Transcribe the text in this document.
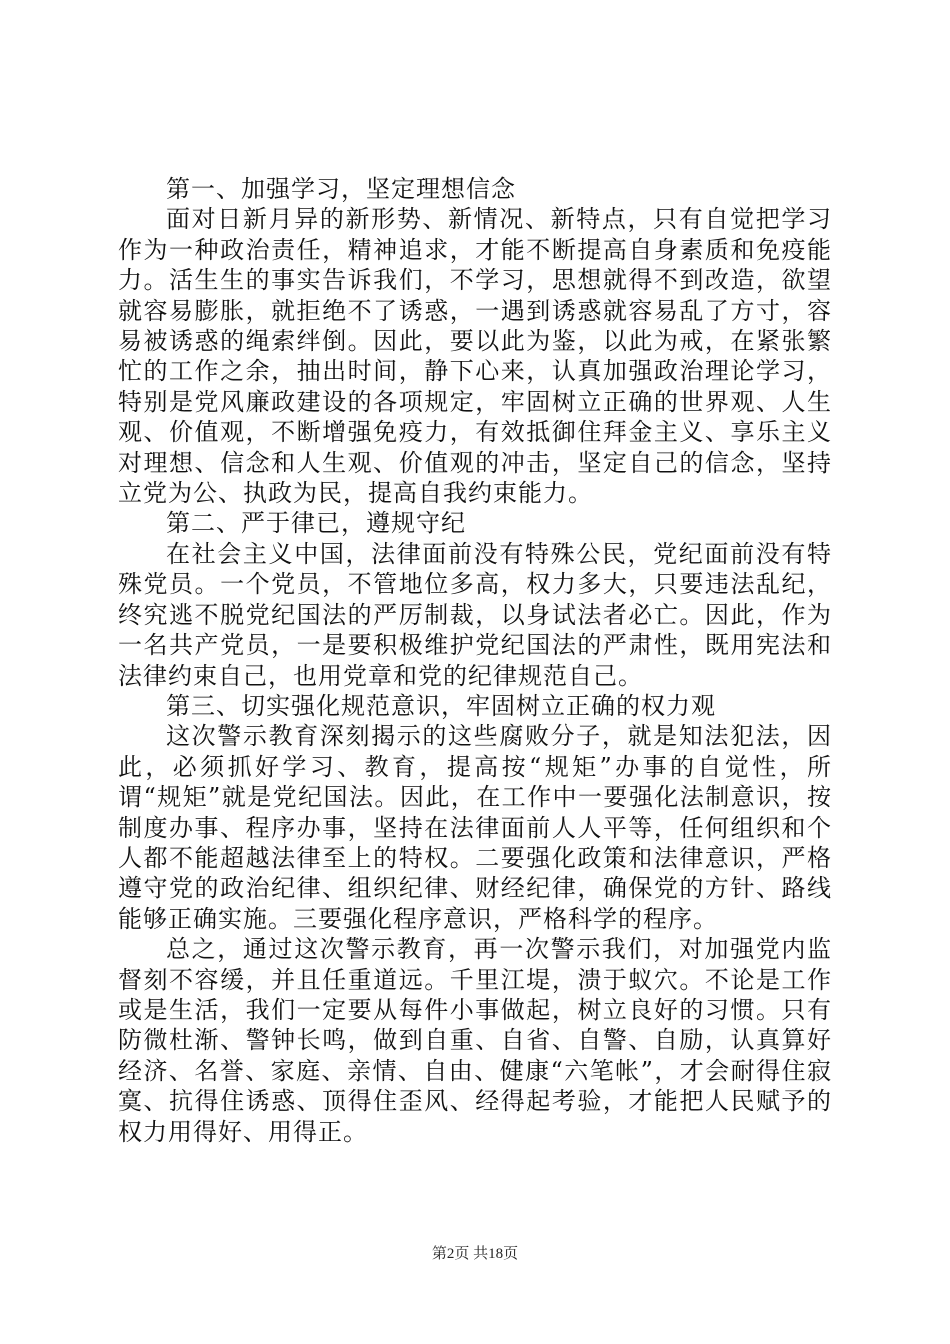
第一、加强学习，坚定理想信念

面对日新月异的新形势、新情况、新特点，只有自觉把学习作为一种政治责任，精神追求，才能不断提高自身素质和免疫能力。活生生的事实告诉我们，不学习，思想就得不到改造，欲望就容易膨胀，就拒绝不了诱惑，一遇到诱惑就容易乱了方寸，容易被诱惑的绳索绊倒。因此，要以此为鉴，以此为戒，在紧张繁忙的工作之余，抽出时间，静下心来，认真加强政治理论学习，特别是党风廉政建设的各项规定，牢固树立正确的世界观、人生观、价值观，不断增强免疫力，有效抵御住拜金主义、享乐主义对理想、信念和人生观、价值观的冲击，坚定自己的信念，坚持立党为公、执政为民，提高自我约束能力。

第二、严于律已，遵规守纪

在社会主义中国，法律面前没有特殊公民，党纪面前没有特殊党员。一个党员，不管地位多高，权力多大，只要违法乱纪，终究逃不脱党纪国法的严厉制裁，以身试法者必亡。因此，作为一名共产党员，一是要积极维护党纪国法的严肃性，既用宪法和法律约束自己，也用党章和党的纪律规范自己。

第三、切实强化规范意识，牢固树立正确的权力观

这次警示教育深刻揭示的这些腐败分子，就是知法犯法，因此，必须抓好学习、教育，提高按“规矩”办事的自觉性，所谓“规矩”就是党纪国法。因此，在工作中一要强化法制意识，按制度办事、程序办事，坚持在法律面前人人平等，任何组织和个人都不能超越法律至上的特权。二要强化政策和法律意识，严格遵守党的政治纪律、组织纪律、财经纪律，确保党的方针、路线能够正确实施。三要强化程序意识，严格科学的程序。

总之，通过这次警示教育，再一次警示我们，对加强党内监督刻不容缓，并且任重道远。千里江堤，溃于蚁穴。不论是工作或是生活，我们一定要从每件小事做起，树立良好的习惯。只有防微杜渐、警钟长鸣，做到自重、自省、自警、自励，认真算好经济、名誉、家庭、亲情、自由、健康“六笔帐”，才会耐得住寂寞、抗得住诱惑、顶得住歪风、经得起考验，才能把人民赋予的权力用得好、用得正。

第2页 共18页
